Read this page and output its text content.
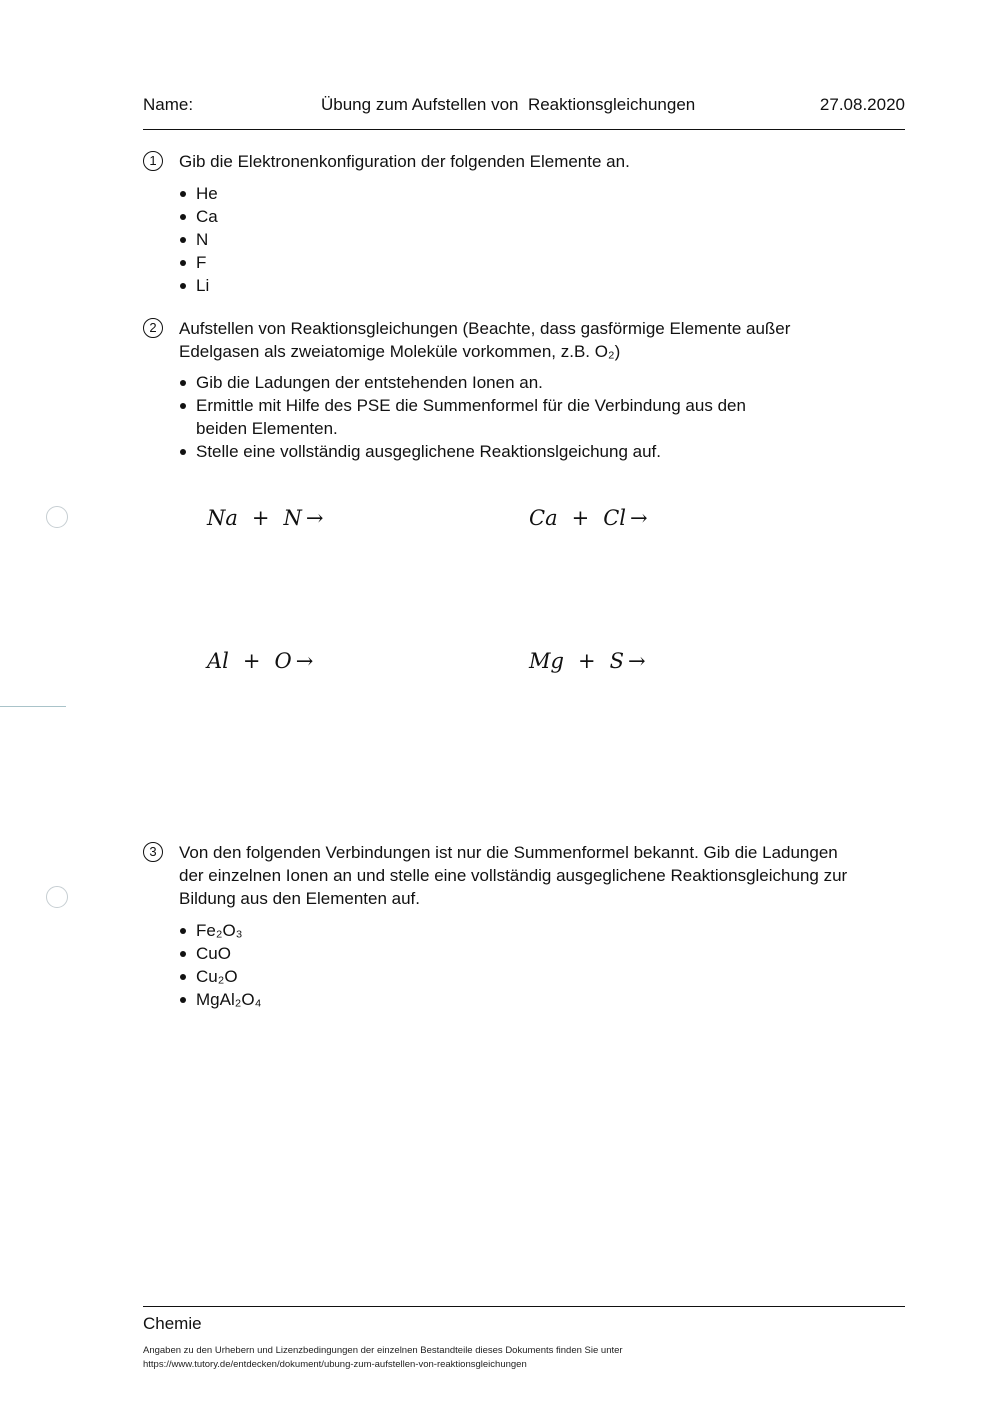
Name:	Übung zum Aufstellen von  Reaktionsgleichungen	27.08.2020
1	Gib die Elektronenkonfiguration der folgenden Elemente an.
He
Ca
N
F
Li
2	Aufstellen von Reaktionsgleichungen (Beachte, dass gasförmige Elemente außer
Edelgasen als zweiatomige Moleküle vorkommen, z.B. O₂)
Gib die Ladungen der entstehenden Ionen an.
Ermittle mit Hilfe des PSE die Summenformel für die Verbindung aus den
beiden Elementen.
Stelle eine vollständig ausgeglichene Reaktionslgeichung auf.
Na + N →	Ca + Cl →
Al + O →	Mg + S →
3	Von den folgenden Verbindungen ist nur die Summenformel bekannt. Gib die Ladungen
der einzelnen Ionen an und stelle eine vollständig ausgeglichene Reaktionsgleichung zur
Bildung aus den Elementen auf.
Fe₂O₃
CuO
Cu₂O
MgAl₂O₄
Chemie
Angaben zu den Urhebern und Lizenzbedingungen der einzelnen Bestandteile dieses Dokuments finden Sie unter
https://www.tutory.de/entdecken/dokument/ubung-zum-aufstellen-von-reaktionsgleichungen
